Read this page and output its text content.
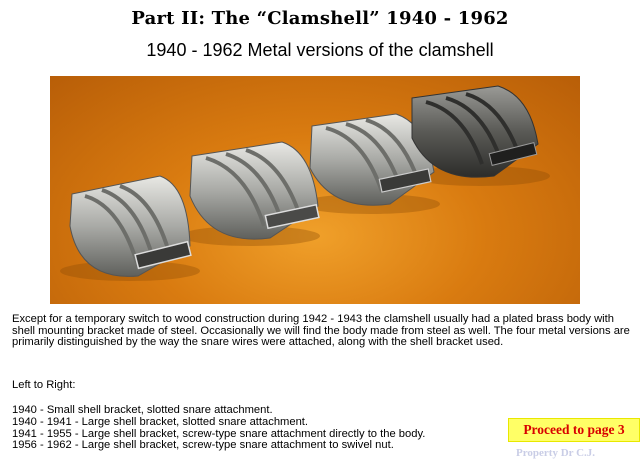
Part II: The “Clamshell” 1940 - 1962
1940 - 1962 Metal versions of the clamshell
Except for a temporary switch to wood construction during 1942 - 1943 the clamshell usually had a plated brass body with shell mounting bracket made of steel. Occasionally we will find the body made from steel as well. The four metal versions are primarily distinguished by the way the snare wires were attached, along with the shell bracket used.
Left to Right:
1940 - Small shell bracket, slotted snare attachment.
1940 - 1941 - Large shell bracket, slotted snare attachment.
1941 - 1955 - Large shell bracket, screw-type snare attachment directly to the body.
1956 - 1962 - Large shell bracket, screw-type snare attachment to swivel nut.
Proceed to page 3
Property Dr C.J.
